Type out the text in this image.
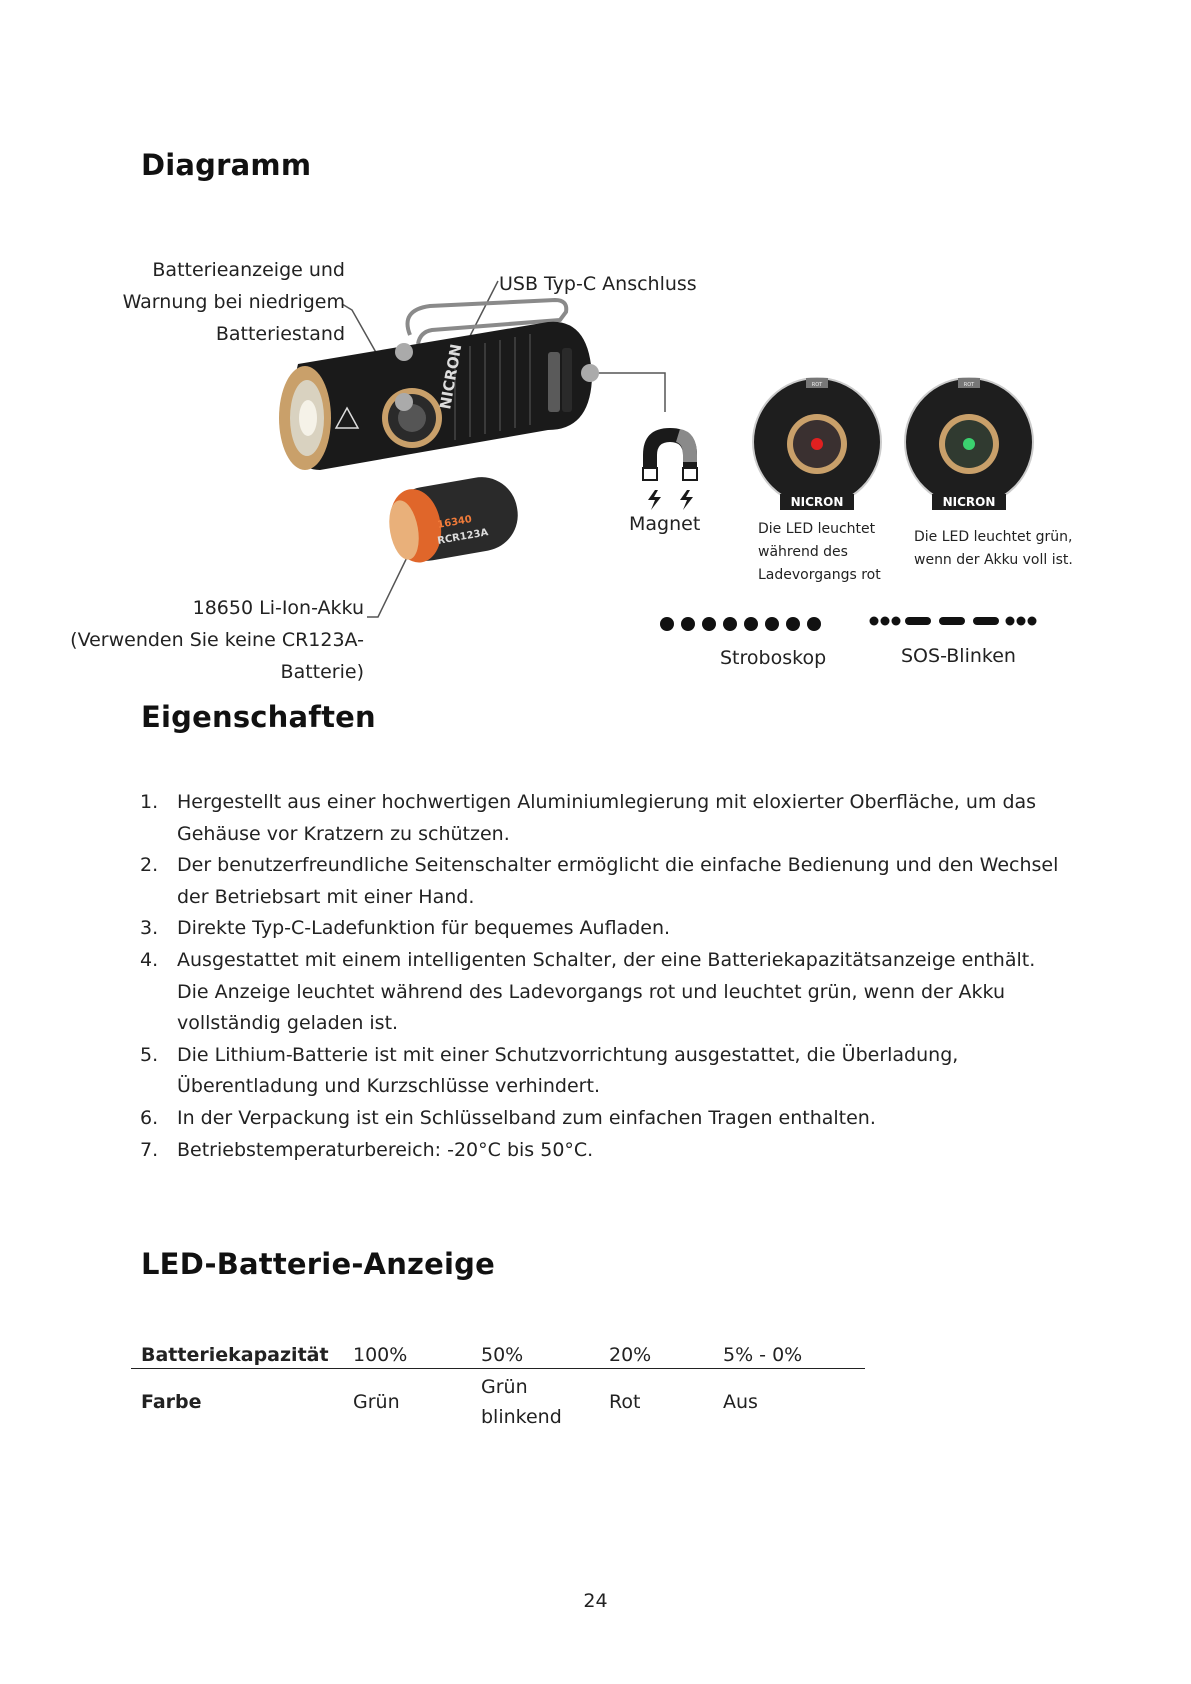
Diagramm
Eigenschaften
LED-Batterie-Anzeige
NICRON
16340
RCR123A
ROT
NICRON
ROT
NICRON
Batterieanzeige und
Warnung bei niedrigem
Batteriestand
USB Typ-C Anschluss
Magnet
18650 Li-Ion-Akku
(Verwenden Sie keine CR123A-
Batterie)
Die LED leuchtet
während des
Ladevorgangs rot
Die LED leuchtet grün,
wenn der Akku voll ist.
Stroboskop	SOS-Blinken
1. Hergestellt aus einer hochwertigen Aluminiumlegierung mit eloxierter Oberfläche, um das Gehäuse vor Kratzern zu schützen.
2. Der benutzerfreundliche Seitenschalter ermöglicht die einfache Bedienung und den Wechsel der Betriebsart mit einer Hand.
3. Direkte Typ-C-Ladefunktion für bequemes Aufladen.
4. Ausgestattet mit einem intelligenten Schalter, der eine Batteriekapazitätsanzeige enthält. Die Anzeige leuchtet während des Ladevorgangs rot und leuchtet grün, wenn der Akku vollständig geladen ist.
5. Die Lithium-Batterie ist mit einer Schutzvorrichtung ausgestattet, die Überladung, Überentladung und Kurzschlüsse verhindert.
6. In der Verpackung ist ein Schlüsselband zum einfachen Tragen enthalten.
7. Betriebstemperaturbereich: -20°C bis 50°C.
Batteriekapazität	100%	50%	20%	5% - 0%
Farbe	Grün	Grün blinkend	Rot	Aus
24
